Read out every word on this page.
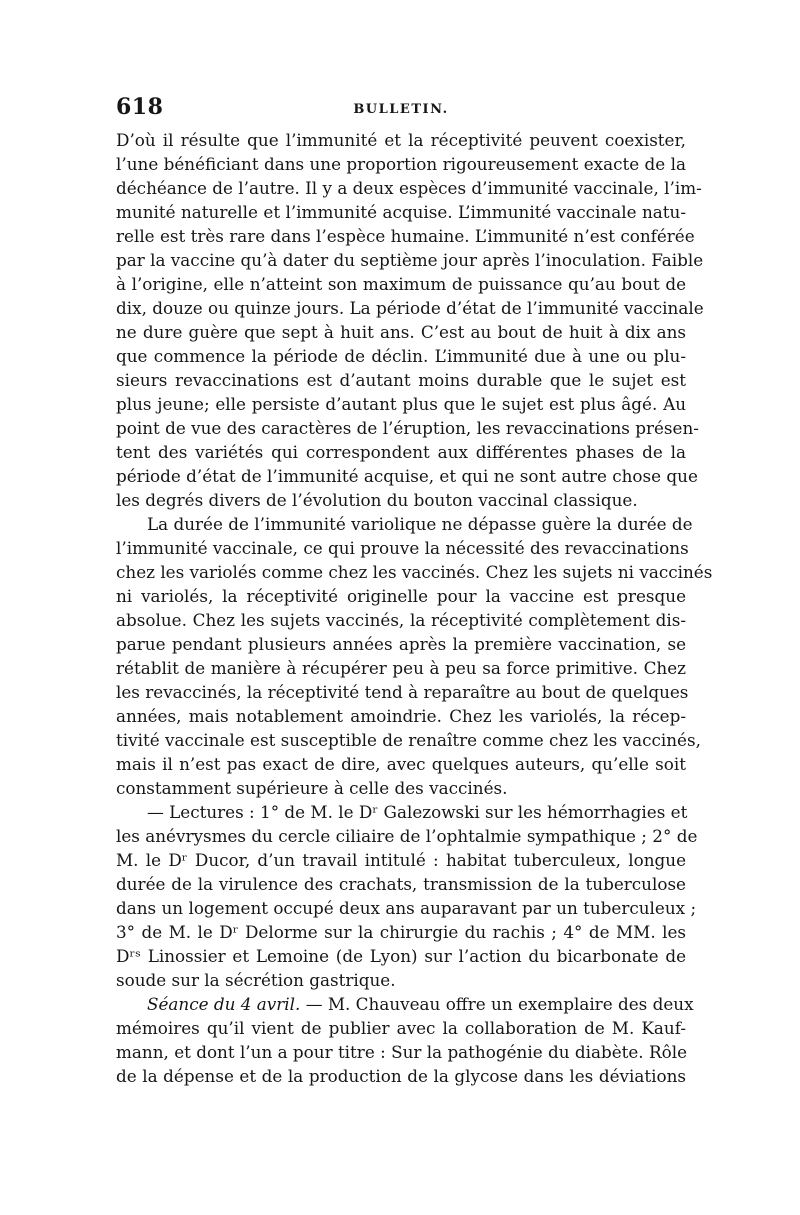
618	BULLETIN.
D’où il résulte que l’immunité et la réceptivité peuvent coexister,
l’une bénéficiant dans une proportion rigoureusement exacte de la
déchéance de l’autre. Il y a deux espèces d’immunité vaccinale, l’im-
munité naturelle et l’immunité acquise. L’immunité vaccinale natu-
relle est très rare dans l’espèce humaine. L’immunité n’est conférée
par la vaccine qu’à dater du septième jour après l’inoculation. Faible
à l’origine, elle n’atteint son maximum de puissance qu’au bout de
dix, douze ou quinze jours. La période d’état de l’immunité vaccinale
ne dure guère que sept à huit ans. C’est au bout de huit à dix ans
que commence la période de déclin. L’immunité due à une ou plu-
sieurs revaccinations est d’autant moins durable que le sujet est
plus jeune; elle persiste d’autant plus que le sujet est plus âgé. Au
point de vue des caractères de l’éruption, les revaccinations présen-
tent des variétés qui correspondent aux différentes phases de la
période d’état de l’immunité acquise, et qui ne sont autre chose que
les degrés divers de l’évolution du bouton vaccinal classique.
La durée de l’immunité variolique ne dépasse guère la durée de
l’immunité vaccinale, ce qui prouve la nécessité des revaccinations
chez les variolés comme chez les vaccinés. Chez les sujets ni vaccinés
ni variolés, la réceptivité originelle pour la vaccine est presque
absolue. Chez les sujets vaccinés, la réceptivité complètement dis-
parue pendant plusieurs années après la première vaccination, se
rétablit de manière à récupérer peu à peu sa force primitive. Chez
les revaccinés, la réceptivité tend à reparaître au bout de quelques
années, mais notablement amoindrie. Chez les variolés, la récep-
tivité vaccinale est susceptible de renaître comme chez les vaccinés,
mais il n’est pas exact de dire, avec quelques auteurs, qu’elle soit
constamment supérieure à celle des vaccinés.
— Lectures : 1° de M. le Dʳ Galezowski sur les hémorrhagies et
les anévrysmes du cercle ciliaire de l’ophtalmie sympathique ; 2° de
M. le Dʳ Ducor, d’un travail intitulé : habitat tuberculeux, longue
durée de la virulence des crachats, transmission de la tuberculose
dans un logement occupé deux ans auparavant par un tuberculeux ;
3° de M. le Dʳ Delorme sur la chirurgie du rachis ; 4° de MM. les
Dʳˢ Linossier et Lemoine (de Lyon) sur l’action du bicarbonate de
soude sur la sécrétion gastrique.
Séance du 4 avril. — M. Chauveau offre un exemplaire des deux
mémoires qu’il vient de publier avec la collaboration de M. Kauf-
mann, et dont l’un a pour titre : Sur la pathogénie du diabète. Rôle
de la dépense et de la production de la glycose dans les déviations
